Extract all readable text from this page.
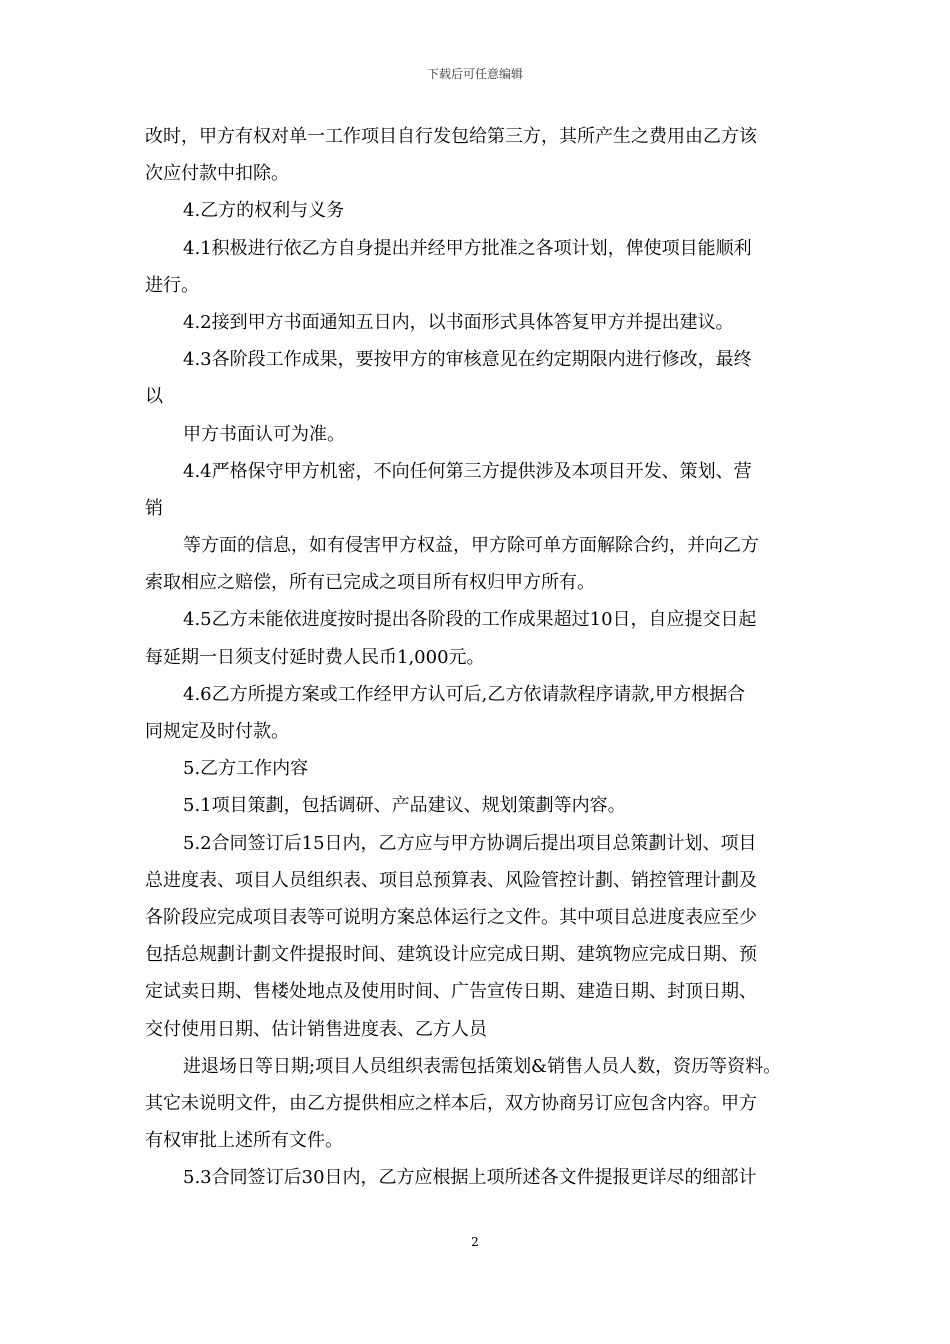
下载后可任意编辑
改时，甲方有权对单一工作项目自行发包给第三方，其所产生之费用由乙方该
次应付款中扣除。
4.乙方的权利与义务
4.1积极进行依乙方自身提出并经甲方批准之各项计划，俾使项目能顺利
进行。
4.2接到甲方书面通知五日内，以书面形式具体答复甲方并提出建议。
4.3各阶段工作成果，要按甲方的审核意见在约定期限内进行修改，最终
以
甲方书面认可为准。
4.4严格保守甲方机密，不向任何第三方提供涉及本项目开发、策划、营
销
等方面的信息，如有侵害甲方权益，甲方除可单方面解除合约，并向乙方
索取相应之赔偿，所有已完成之项目所有权归甲方所有。
4.5乙方未能依进度按时提出各阶段的工作成果超过10日，自应提交日起
每延期一日须支付延时费人民币1,000元。
4.6乙方所提方案或工作经甲方认可后,乙方依请款程序请款,甲方根据合
同规定及时付款。
5.乙方工作内容
5.1项目策劃，包括调研、产品建议、规划策劃等内容。
5.2合同签订后15日内，乙方应与甲方协调后提出项目总策劃计划、项目
总进度表、项目人员组织表、项目总预算表、风险管控计劃、销控管理计劃及
各阶段应完成项目表等可说明方案总体运行之文件。其中项目总进度表应至少
包括总规劃计劃文件提报时间、建筑设计应完成日期、建筑物应完成日期、预
定试卖日期、售楼处地点及使用时间、广告宣传日期、建造日期、封顶日期、
交付使用日期、估计销售进度表、乙方人员
进退场日等日期;项目人员组织表需包括策划&销售人员人数，资历等资料。
其它未说明文件，由乙方提供相应之样本后，双方协商另订应包含内容。甲方
有权审批上述所有文件。
5.3合同签订后30日内，乙方应根据上项所述各文件提报更详尽的细部计
2
